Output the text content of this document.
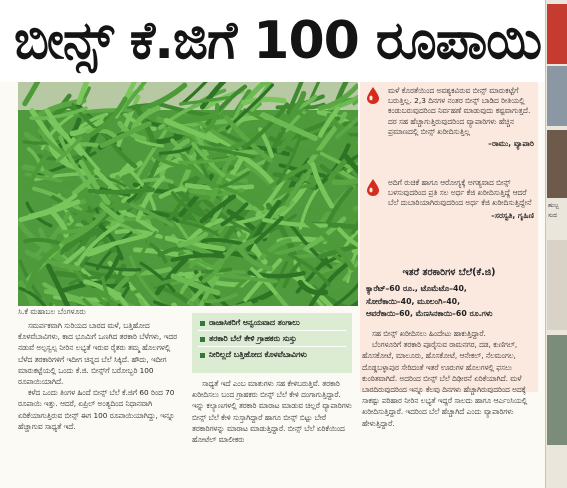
ಬೀನ್ಸ್ ಕೆ.ಜಿಗೆ 100 ರೂಪಾಯಿ
ಹುಬ್ಬ
ಸುದ
ಸಿ.ಕೆ ಮಹಾಬಲ ಬೆಂಗಳೂರು

ಮಳೆ ಕೊರತೆಯಿಂದ ಅವಶ್ಯಕವಿರುವ ಬೀನ್ಸ್ ಮಾರುಕಟ್ಟೆಗೆ ಬರುತ್ತಿಲ್ಲ. 2,3 ದಿನಗಳ ನಂತರ ಬೀನ್ಸ್ ಬಾಡಿದ ರೀತಿಯಲ್ಲಿ ಕಂಡುಬರುವುದರಿಂದ ನಿರ್ವಹಣೆ ಮಾಡುವುದು ಕಷ್ಟವಾಗುತ್ತದೆ. ದರ ಸಹ ಹೆಚ್ಚಾಗುತ್ತಿರುವುದರಿಂದ ವ್ಯಾಪಾರಿಗಳು ಹೆಚ್ಚಿನ ಪ್ರಮಾಣದಲ್ಲಿ ಬೀನ್ಸ್ ಖರೀದಿಸುತ್ತಿಲ್ಲ

–ರಾಮು, ವ್ಯಾಪಾರಿ

ಅದಿಗೆ ರುಚಿಕೆ ಹಾಗೂ ಆರೋಗ್ಯಕ್ಕೆ ಅಗತ್ಯವಾದ ಬೀನ್ಸ್ ಬಳಸುವುದರಿಂದ ಪ್ರತಿ ಸಲ ಅರ್ಧ ಕೆಜಿ ಖರೀದಿಸುತ್ತಿದ್ದೆ ಆದರೆ ಬೆಲೆ ದುಬಾರಿಯಾಗಿರುವುದರಿಂದ ಅರ್ಧ ಕೆಜಿ ಖರೀದಿಸುತ್ತಿದ್ದೇನೆ

–ಸರಸ್ವತಿ, ಗೃಹಿಣಿ
ಇತರೆ ತರಕಾರಿಗಳ ಬೆಲೆ(ಕೆ.ಜಿ)
ಕ್ಯಾರೆಟ್–60 ರೂ., ಟೊಮೆಟೊ–40,
ಸೋರೆಕಾಯಿ–40, ಮೂಲಂಗಿ–40,
ಆವರೆಕಾಯಿ–60, ಮೆಣಸಿನಕಾಯಿ–60 ರೂ.ಗಳು
ರಾಜಾಸಿಕರಿಗೆ ಅನ್ವಯವಾದ ತಂಗಾಲು
ತರಕಾರಿ ಬೆಲೆ ಕೇಳಿ ಗ್ರಾಹಕರು ಸುಸ್ತು
ನೀರಿಲ್ಲದೆ ಬತ್ತಿಹೋದ ಕೊಳವೆಬಾವಿಗಳು

ಸಮರ್ಪಕವಾಗಿ ಸುರಿಯದ ಬಾರದ ಮಳೆ, ಬತ್ತಿಹೋದ ಕೊಳವೆಬಾವಿಗಳು, ಕಾದ ಭೂಮಿಗೆ ಒಣಗಿದ ತರಕಾರಿ ಬೆಳೆಗಳು, ಇದರ ನಡುವೆ ಅಲ್ಪಸ್ವಲ್ಪ ನೀರಿನ ಲಭ್ಯತೆ ಇರುವ ರೈತರು ತಮ್ಮ ಹೊಲಗಳಲ್ಲಿ ಬೆಳೆದ ತರಕಾರಿಗಳಿಗೆ ಇದೀಗ ಚಿನ್ನದ ಬೆಲೆ ಸಿಕ್ಕಿದೆ. ಹೌದು, ಇದೀಗ ಮಾರುಕಟ್ಟೆಯಲ್ಲಿ ಒಂದು ಕೆ.ಜಿ. ಬೀನ್ಸ್‌ಗೆ ಬರೋಬ್ಬರಿ 100 ರೂಪಾಯಿಯಾಗಿದೆ.

ಕಳೆದ ಒಂದು ತಿಂಗಳ ಹಿಂದೆ ಬೀನ್ಸ್ ಬೆಲೆ ಕೆ.ಜಿಗೆ 60 ರಿಂದ 70 ರೂಪಾಯಿ ಇತ್ತು. ಆದರೆ, ಏಪ್ರಿಲ್ ಅಂತ್ಯದಿಂದ ನಿಧಾನವಾಗಿ ಏರಿಕೆಯಾಗುತ್ತಿರುವ ಬೀನ್ಸ್ ಈಗ 100 ರೂಪಾಯಿಯಾಗಿದ್ದು, ಇನ್ನೂ ಹೆಚ್ಚಾಗುವ ಸಾಧ್ಯತೆ ಇದೆ.

ಸಾಧ್ಯತೆ ಇದೆ ಎಂಬ ಮಾತುಗಳು ಸಹ ಕೇಳಿಬರುತ್ತಿವೆ. ತರಕಾರಿ ಖರೀದಿಸಲು ಬಂದ ಗ್ರಾಹಕರು ಬೀನ್ಸ್ ಬೆಲೆ ಕೇಳಿ ದಂಗಾಗುತ್ತಿದ್ದಾರೆ. ಇನ್ನು ಕಲ್ಯಾಣಗಳಲ್ಲಿ ತರಕಾರಿ ಮಾರಾಟ ಮಾಡುವ ಚಿಲ್ಲರೆ ವ್ಯಾಪಾರಿಗಳು ಬೀನ್ಸ್ ಬೆಲೆ ಕೇಳಿ ಸುಸ್ತಾಗಿದ್ದಾರೆ ಹಾಗೂ ಬೀನ್ಸ್ ಬಿಟ್ಟು ಬೇರೆ ತರಕಾರಿಗಳನ್ನು ಮಾರಾಟ ಮಾಡುತ್ತಿದ್ದಾರೆ. ಬೀನ್ಸ್ ಬೆಲೆ ಏರಿಕೆಯಿಂದ ಹೋಟೆಲ್ ಮಾಲೀಕರು

ಸಹ ಬೀನ್ಸ್ ಖರೀದಿಸಲು ಹಿಂದೇಟು ಹಾಕುತ್ತಿದ್ದಾರೆ.

ಬೆಂಗಳೂರಿಗೆ ತರಕಾರಿ ಪೂರೈಸುವ ರಾಮನಗರ, ದಡ, ಕುಣಿಗಲ್, ಹೊಸಕೋಟೆ, ಮಾಲೂರು, ಹೊಸಕೋಟೆ, ಆನೇಕಲ್, ನೆಲಮಂಗಲ, ದೊಡ್ಡಬಳ್ಳಾಪುರ ಸೇರಿದಂತೆ ಇತರೆ ಊರುಗಳ ಹೊಲಗಳಲ್ಲಿ ಫಸಲು ಕುಂಠಿತವಾಗಿದೆ. ಅದರಿಂದ ಬೀನ್ಸ್ ಬೆಲೆ ದಿಢೀರನೆ ಏರಿಕೆಯಾಗಿದೆ. ಮಳೆ ಬಾರದಿರುವುದರಿಂದ ಇನ್ನೂ ಕೆಲವು ದಿನಗಳು ಹೆಚ್ಚಾಗಿರುವುದರಿಂದ ಅದಕ್ಕೆ ಸಾಕಷ್ಟು ಪರಿಹಾರ ನೀರಿನ ಲಭ್ಯತೆ ಇದ್ದರೆ ಸಾಲದು ಹಾಗೂ ಆರ್ಎಂಸಿಯಲ್ಲಿ ಖರೀದಿಸುತ್ತಿದ್ದಾರೆ. ಇದರಿಂದ ಬೆಲೆ ಹೆಚ್ಚಾಗಿದೆ ಎಂದು ವ್ಯಾಪಾರಿಗಳು ಹೇಳುತ್ತಿದ್ದಾರೆ.
